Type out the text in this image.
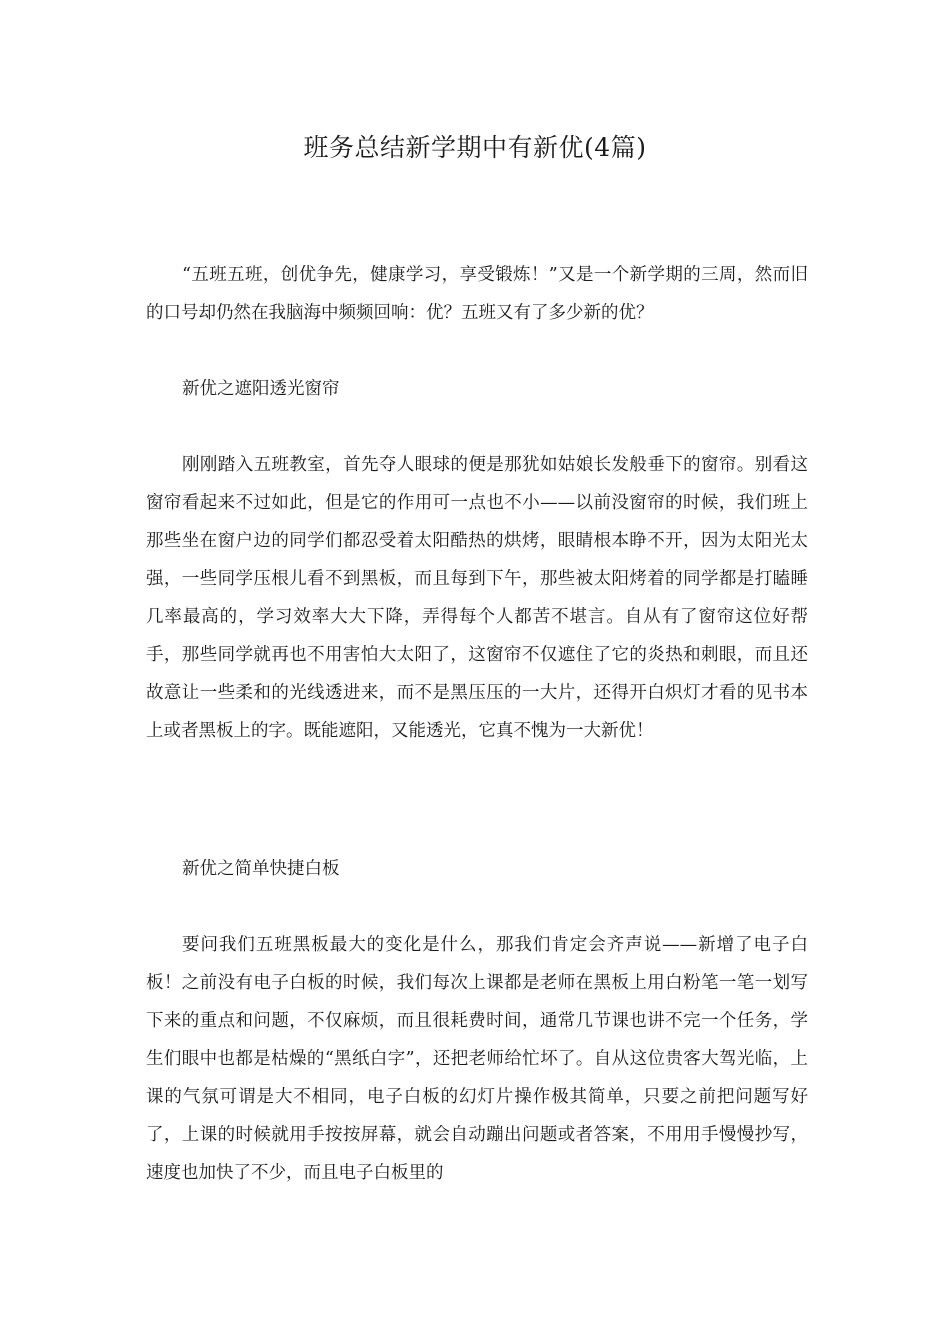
班务总结新学期中有新优(4篇)
“五班五班，创优争先，健康学习，享受锻炼！”又是一个新学期的三周，然而旧的口号却仍然在我脑海中频频回响：优？五班又有了多少新的优？
新优之遮阳透光窗帘
刚刚踏入五班教室，首先夺人眼球的便是那犹如姑娘长发般垂下的窗帘。别看这窗帘看起来不过如此，但是它的作用可一点也不小——以前没窗帘的时候，我们班上那些坐在窗户边的同学们都忍受着太阳酷热的烘烤，眼睛根本睁不开，因为太阳光太强，一些同学压根儿看不到黑板，而且每到下午，那些被太阳烤着的同学都是打瞌睡几率最高的，学习效率大大下降，弄得每个人都苦不堪言。自从有了窗帘这位好帮手，那些同学就再也不用害怕大太阳了，这窗帘不仅遮住了它的炎热和刺眼，而且还故意让一些柔和的光线透进来，而不是黑压压的一大片，还得开白炽灯才看的见书本上或者黑板上的字。既能遮阳，又能透光，它真不愧为一大新优！
新优之简单快捷白板
要问我们五班黑板最大的变化是什么，那我们肯定会齐声说——新增了电子白板！之前没有电子白板的时候，我们每次上课都是老师在黑板上用白粉笔一笔一划写下来的重点和问题，不仅麻烦，而且很耗费时间，通常几节课也讲不完一个任务，学生们眼中也都是枯燥的“黑纸白字”，还把老师给忙坏了。自从这位贵客大驾光临，上课的气氛可谓是大不相同，电子白板的幻灯片操作极其简单，只要之前把问题写好了，上课的时候就用手按按屏幕，就会自动蹦出问题或者答案，不用用手慢慢抄写，速度也加快了不少，而且电子白板里的
